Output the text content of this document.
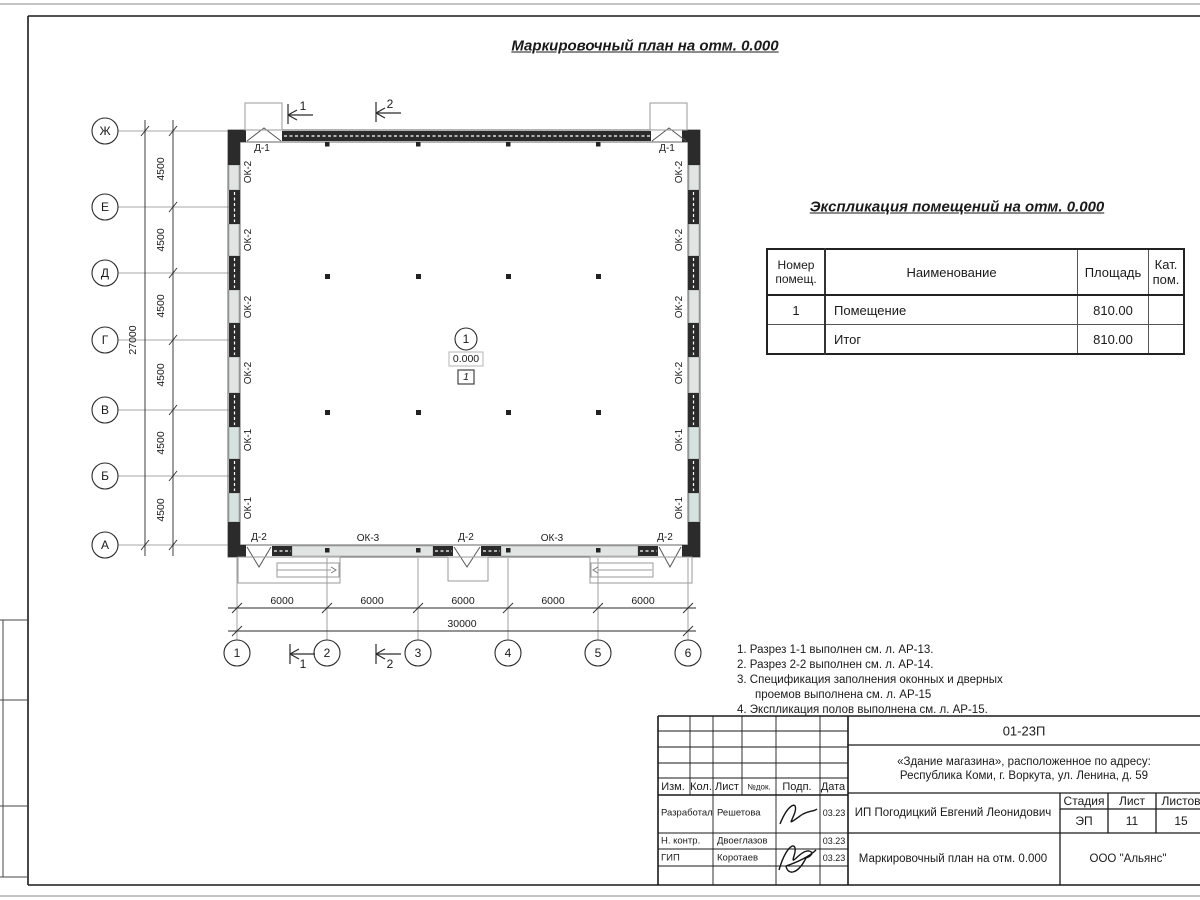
Маркировочный план на отм. 0.000
Ж
Е
Д
Г
В
Б
А
1	2	3	4	5	6
4500
4500
4500
4500
4500
4500
27000
6000	6000	6000	6000	6000
30000
ОК-2
ОК-2
ОК-2
ОК-2
ОК-1
ОК-1
ОК-2
ОК-2
ОК-2
ОК-2
ОК-1
ОК-1
ОК-3	Д-2	ОК-3
Д-1	Д-1
Д-2	Д-2
1	2
1	2
1
0.000
1
Экспликация помещений на отм. 0.000
Номер помещ.	Наименование	Площадь	Кат. пом.
1	Помещение	810.00	
	Итог	810.00	
1. Разрез 1-1 выполнен см. л. АР-13.
2. Разрез 2-2 выполнен см. л. АР-14.
3. Спецификация заполнения оконных и дверных
проемов выполнена см. л. АР-15
4. Экспликация полов выполнена см. л. АР-15.
01-23П
«Здание магазина», расположенное по адресу:
Республика Коми, г. Воркута, ул. Ленина, д. 59
ИП Погодицкий Евгений Леонидович
Стадия Лист Листов
ЭП	11	15
Маркировочный план на отм. 0.000	ООО "Альянс"
Изм. Кол. Лист №док. Подп. Дата
Разработал Решетова	03.23
Н. контр. Двоеглазов	03.23
ГИП	Коротаев	03.23
